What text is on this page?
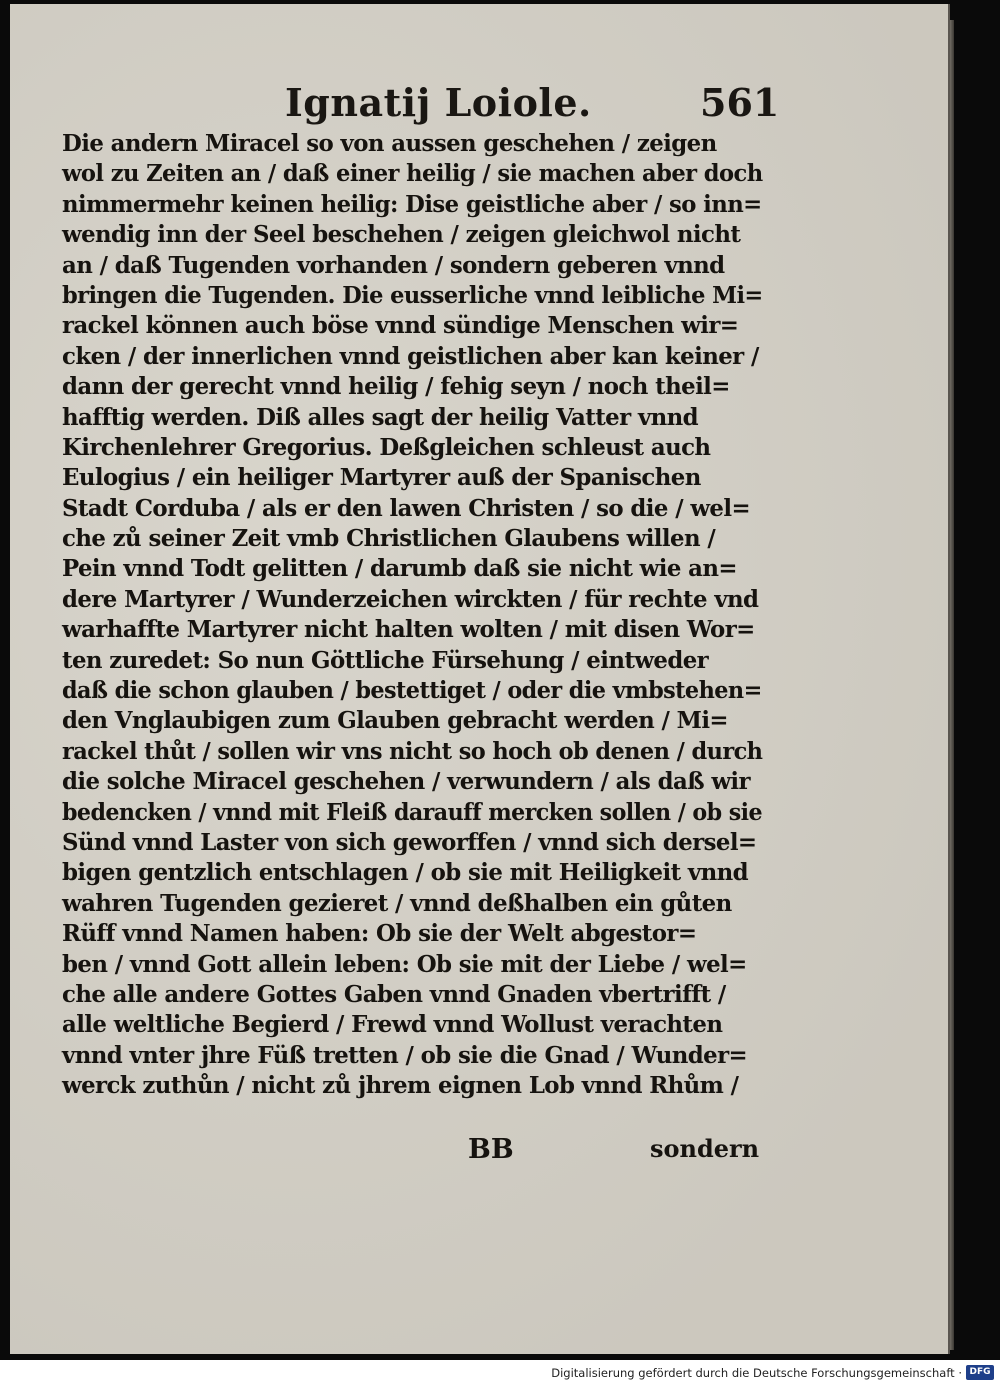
Ignatij Loiole.	561
Die andern Miracel so von aussen geschehen / zeigen
wol zu Zeiten an / daß einer heilig / sie machen aber doch
nimmermehr keinen heilig: Dise geistliche aber / so inn=
wendig inn der Seel beschehen / zeigen gleichwol nicht
an / daß Tugenden vorhanden / sondern geberen vnnd
bringen die Tugenden. Die eusserliche vnnd leibliche Mi=
rackel können auch böse vnnd sündige Menschen wir=
cken / der innerlichen vnnd geistlichen aber kan keiner /
dann der gerecht vnnd heilig / fehig seyn / noch theil=
hafftig werden. Diß alles sagt der heilig Vatter vnnd
Kirchenlehrer Gregorius. Deßgleichen schleust auch
Eulogius / ein heiliger Martyrer auß der Spanischen
Stadt Corduba / als er den lawen Christen / so die / wel=
che zů seiner Zeit vmb Christlichen Glaubens willen /
Pein vnnd Todt gelitten / darumb daß sie nicht wie an=
dere Martyrer / Wunderzeichen wirckten / für rechte vnd
warhaffte Martyrer nicht halten wolten / mit disen Wor=
ten zuredet: So nun Göttliche Fürsehung / eintweder
daß die schon glauben / bestettiget / oder die vmbstehen=
den Vnglaubigen zum Glauben gebracht werden / Mi=
rackel thůt / sollen wir vns nicht so hoch ob denen / durch
die solche Miracel geschehen / verwundern / als daß wir
bedencken / vnnd mit Fleiß darauff mercken sollen / ob sie
Sünd vnnd Laster von sich geworffen / vnnd sich dersel=
bigen gentzlich entschlagen / ob sie mit Heiligkeit vnnd
wahren Tugenden gezieret / vnnd deßhalben ein gůten
Rüff vnnd Namen haben: Ob sie der Welt abgestor=
ben / vnnd Gott allein leben: Ob sie mit der Liebe / wel=
che alle andere Gottes Gaben vnnd Gnaden vbertrifft /
alle weltliche Begierd / Frewd vnnd Wollust verachten
vnnd vnter jhre Füß tretten / ob sie die Gnad / Wunder=
werck zuthůn / nicht zů jhrem eignen Lob vnnd Rhům /
BB	sondern
Digitalisierung gefördert durch die Deutsche Forschungsgemeinschaft · DFG
